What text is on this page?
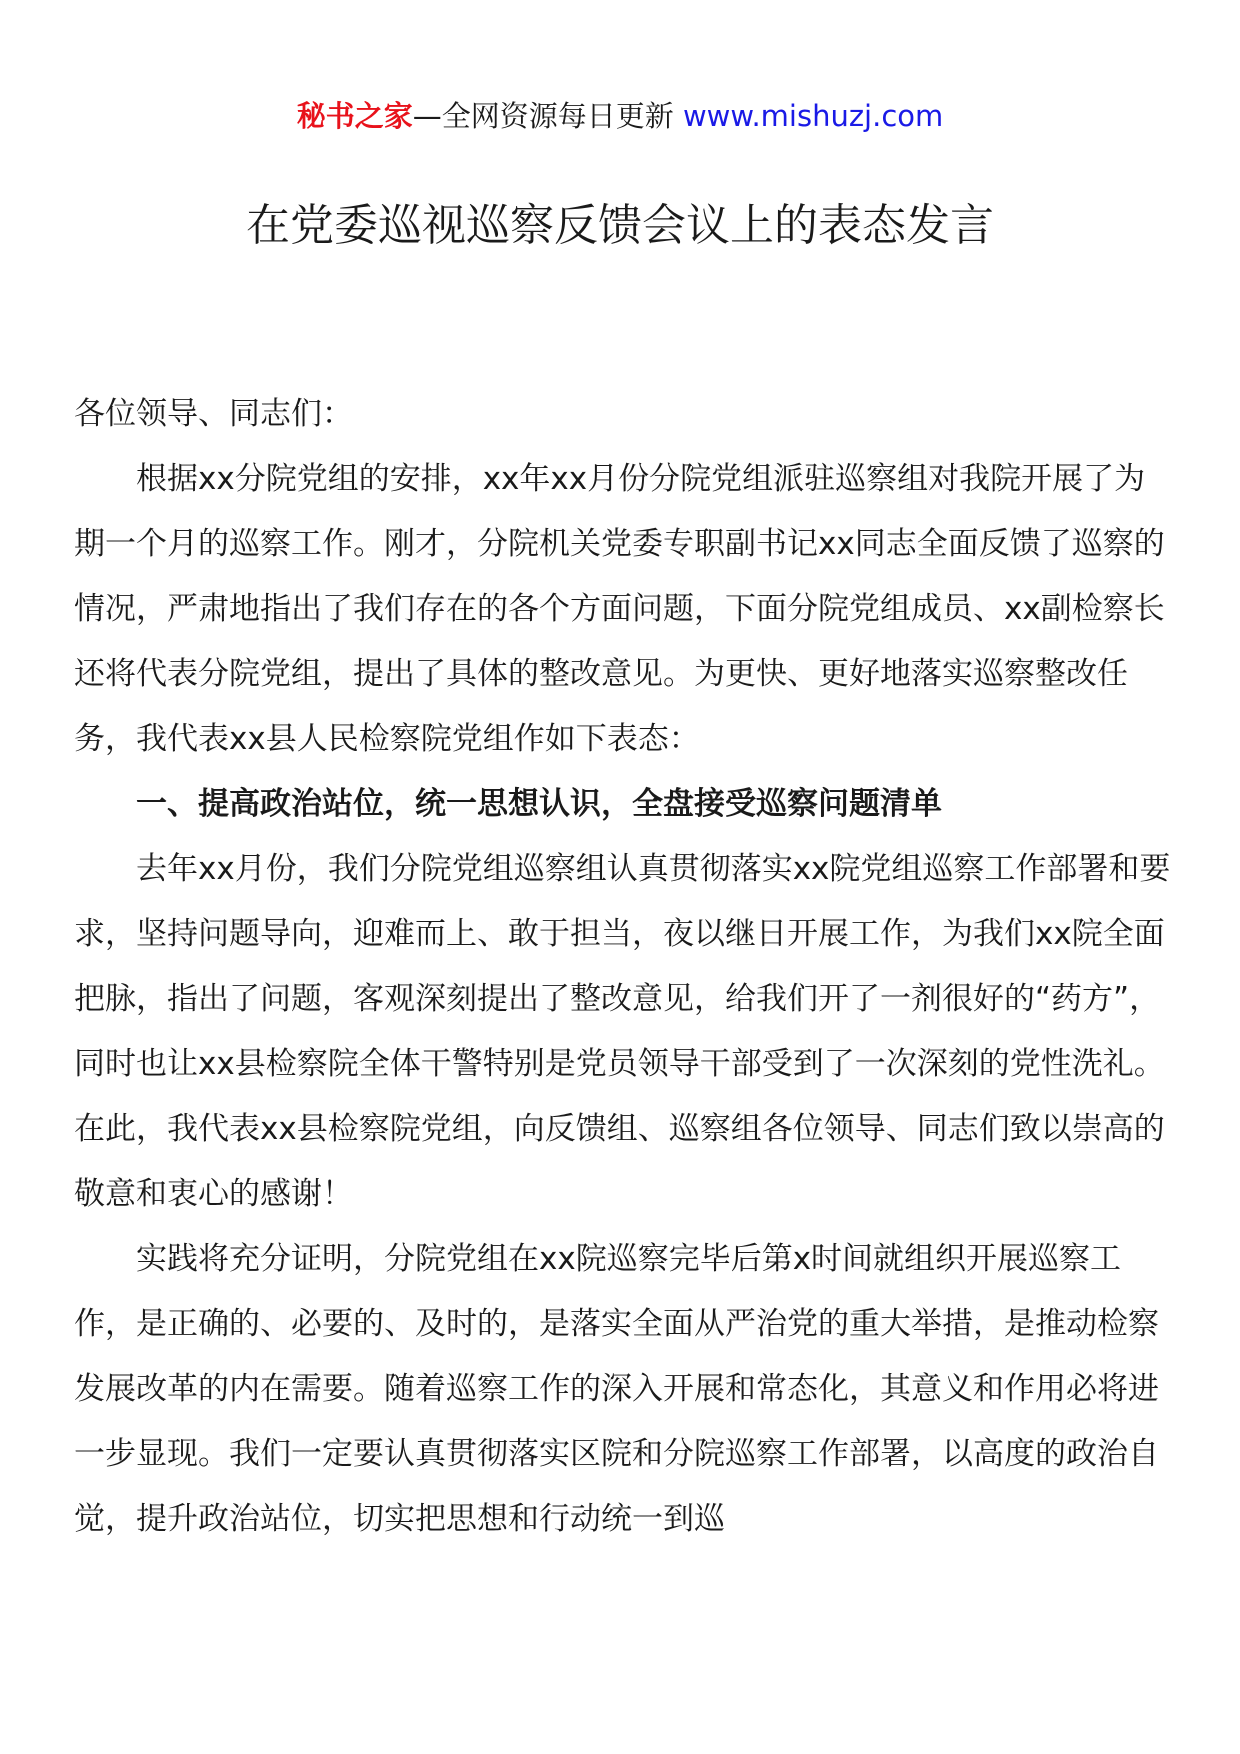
秘书之家—全网资源每日更新 www.mishuzj.com
在党委巡视巡察反馈会议上的表态发言

各位领导、同志们：

根据xx分院党组的安排，xx年xx月份分院党组派驻巡察组对我院开展了为期一个月的巡察工作。刚才，分院机关党委专职副书记xx同志全面反馈了巡察的情况，严肃地指出了我们存在的各个方面问题，下面分院党组成员、xx副检察长还将代表分院党组，提出了具体的整改意见。为更快、更好地落实巡察整改任务，我代表xx县人民检察院党组作如下表态：

一、提高政治站位，统一思想认识，全盘接受巡察问题清单

去年xx月份，我们分院党组巡察组认真贯彻落实xx院党组巡察工作部署和要求，坚持问题导向，迎难而上、敢于担当，夜以继日开展工作，为我们xx院全面把脉，指出了问题，客观深刻提出了整改意见，给我们开了一剂很好的“药方”，同时也让xx县检察院全体干警特别是党员领导干部受到了一次深刻的党性洗礼。在此，我代表xx县检察院党组，向反馈组、巡察组各位领导、同志们致以崇高的敬意和衷心的感谢！

实践将充分证明，分院党组在xx院巡察完毕后第x时间就组织开展巡察工作，是正确的、必要的、及时的，是落实全面从严治党的重大举措，是推动检察发展改革的内在需要。随着巡察工作的深入开展和常态化，其意义和作用必将进一步显现。我们一定要认真贯彻落实区院和分院巡察工作部署，以高度的政治自觉，提升政治站位，切实把思想和行动统一到巡
